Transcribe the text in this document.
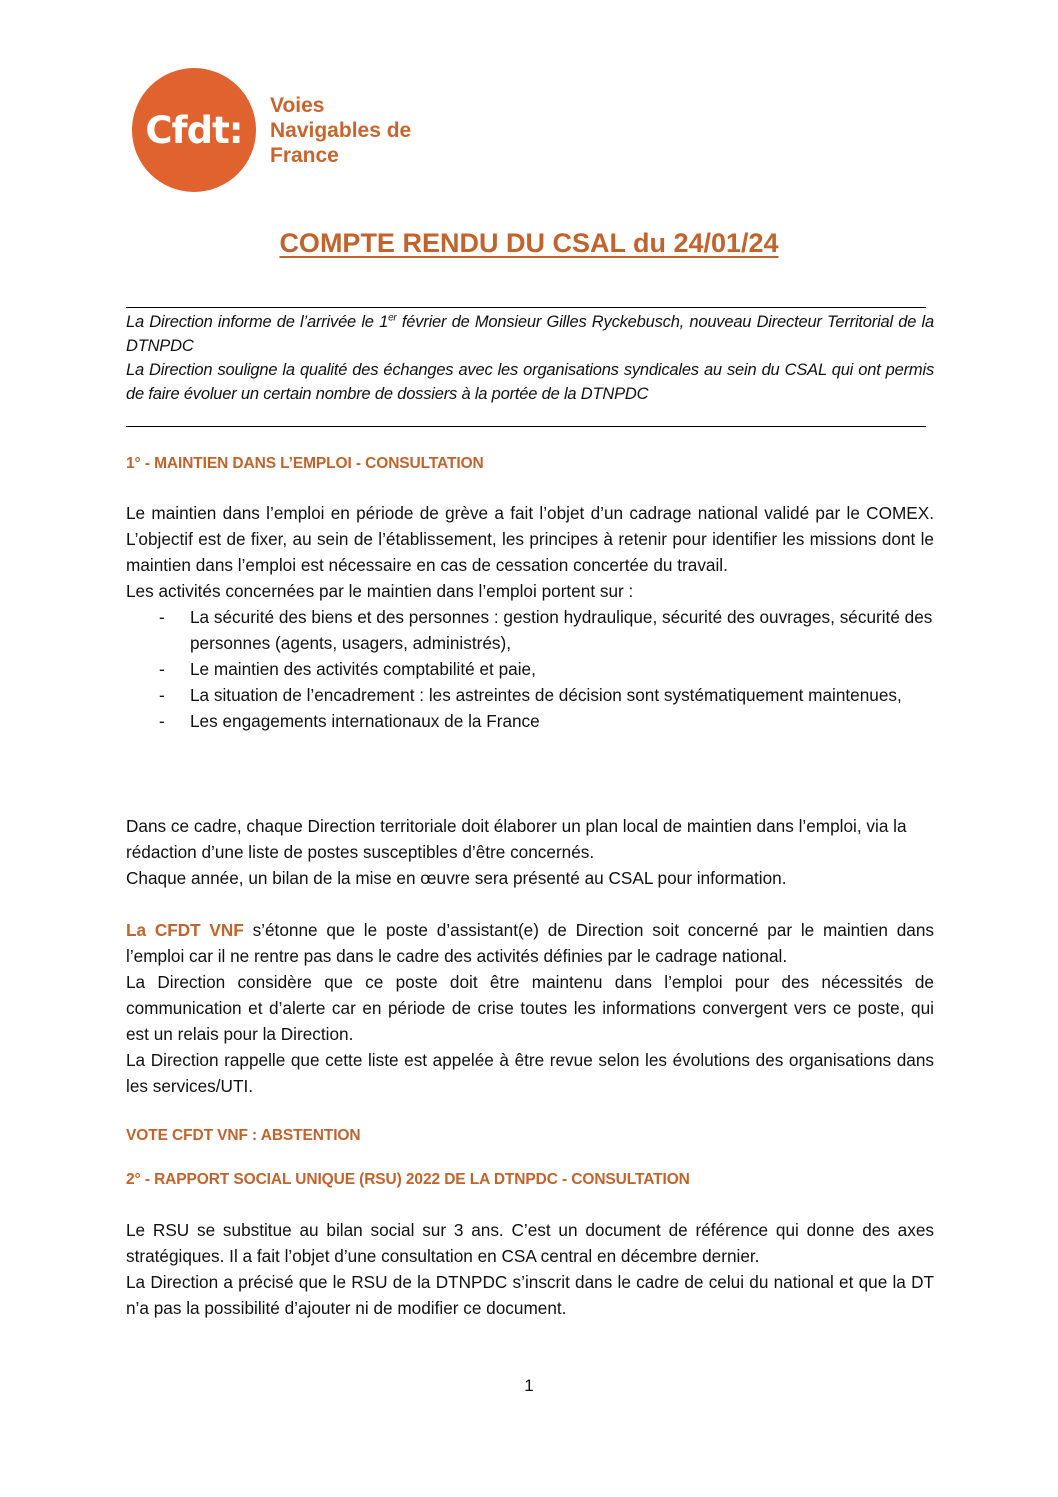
Cfdt:
Voies
Navigables de
France
COMPTE RENDU DU CSAL du 24/01/24

La Direction informe de l’arrivée le 1er février de Monsieur Gilles Ryckebusch, nouveau Directeur Territorial de la DTNPDC

La Direction souligne la qualité des échanges avec les organisations syndicales au sein du CSAL qui ont permis de faire évoluer un certain nombre de dossiers à la portée de la DTNPDC

1° - MAINTIEN DANS L’EMPLOI - CONSULTATION

Le maintien dans l’emploi en période de grève a fait l’objet d’un cadrage national validé par le COMEX. L’objectif est de fixer, au sein de l’établissement, les principes à retenir pour identifier les missions dont le maintien dans l’emploi est nécessaire en cas de cessation concertée du travail.

Les activités concernées par le maintien dans l’emploi portent sur :

- La sécurité des biens et des personnes : gestion hydraulique, sécurité des ouvrages, sécurité des personnes (agents, usagers, administrés),
- Le maintien des activités comptabilité et paie,
- La situation de l’encadrement : les astreintes de décision sont systématiquement maintenues,
- Les engagements internationaux de la France

Dans ce cadre, chaque Direction territoriale doit élaborer un plan local de maintien dans l’emploi, via la rédaction d’une liste de postes susceptibles d’être concernés.

Chaque année, un bilan de la mise en œuvre sera présenté au CSAL pour information.

La CFDT VNF s’étonne que le poste d’assistant(e) de Direction soit concerné par le maintien dans l’emploi car il ne rentre pas dans le cadre des activités définies par le cadrage national.

La Direction considère que ce poste doit être maintenu dans l’emploi pour des nécessités de communication et d’alerte car en période de crise toutes les informations convergent vers ce poste, qui est un relais pour la Direction.

La Direction rappelle que cette liste est appelée à être revue selon les évolutions des organisations dans les services/UTI.

VOTE CFDT VNF : ABSTENTION
2° - RAPPORT SOCIAL UNIQUE (RSU) 2022 DE LA DTNPDC - CONSULTATION

Le RSU se substitue au bilan social sur 3 ans. C’est un document de référence qui donne des axes stratégiques. Il a fait l’objet d’une consultation en CSA central en décembre dernier.

La Direction a précisé que le RSU de la DTNPDC s’inscrit dans le cadre de celui du national et que la DT n’a pas la possibilité d’ajouter ni de modifier ce document.

1
